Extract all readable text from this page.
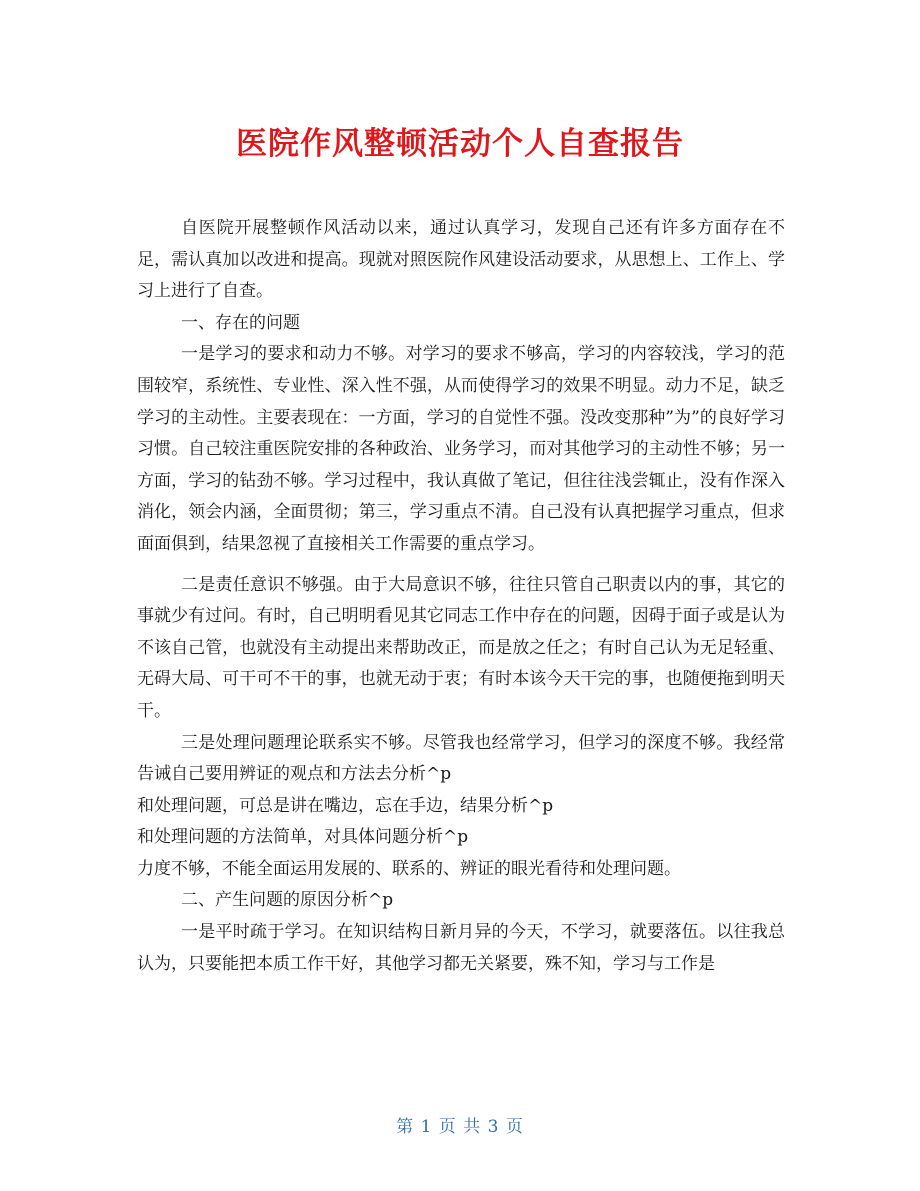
医院作风整顿活动个人自查报告

自医院开展整顿作风活动以来，通过认真学习，发现自己还有许多方面存在不足，需认真加以改进和提高。现就对照医院作风建设活动要求，从思想上、工作上、学习上进行了自查。

一、存在的问题

一是学习的要求和动力不够。对学习的要求不够高，学习的内容较浅，学习的范围较窄，系统性、专业性、深入性不强，从而使得学习的效果不明显。动力不足，缺乏学习的主动性。主要表现在：一方面，学习的自觉性不强。没改变那种”为”的良好学习习惯。自己较注重医院安排的各种政治、业务学习，而对其他学习的主动性不够；另一方面，学习的钻劲不够。学习过程中，我认真做了笔记，但往往浅尝辄止，没有作深入消化，领会内涵，全面贯彻；第三，学习重点不清。自己没有认真把握学习重点，但求面面俱到，结果忽视了直接相关工作需要的重点学习。

二是责任意识不够强。由于大局意识不够，往往只管自己职责以内的事，其它的事就少有过问。有时，自己明明看见其它同志工作中存在的问题，因碍于面子或是认为不该自己管，也就没有主动提出来帮助改正，而是放之任之；有时自己认为无足轻重、无碍大局、可干可不干的事，也就无动于衷；有时本该今天干完的事，也随便拖到明天干。

三是处理问题理论联系实不够。尽管我也经常学习，但学习的深度不够。我经常告诫自己要用辨证的观点和方法去分析^p

和处理问题，可总是讲在嘴边，忘在手边，结果分析^p

和处理问题的方法简单，对具体问题分析^p

力度不够，不能全面运用发展的、联系的、辨证的眼光看待和处理问题。

二、产生问题的原因分析^p

一是平时疏于学习。在知识结构日新月异的今天，不学习，就要落伍。以往我总认为，只要能把本质工作干好，其他学习都无关紧要，殊不知，学习与工作是

第 1 页 共 3 页
